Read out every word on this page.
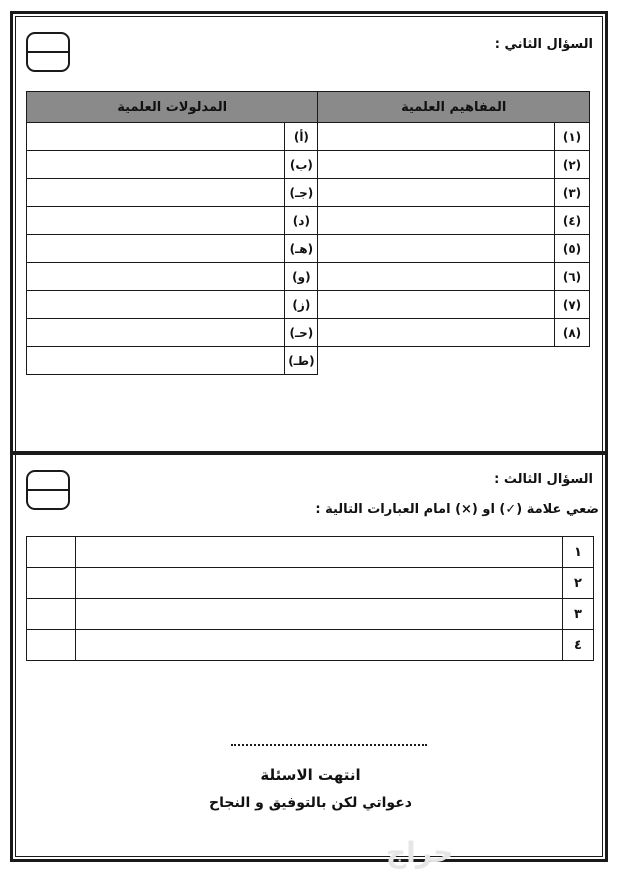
السؤال الثاني :
المدلولات العلمية		المفاهيم العلمية	
	(أ)		(١)
	(ب)		(٢)
	(جـ)		(٣)
	(د)		(٤)
	(هـ)		(٥)
	(و)		(٦)
	(ز)		(٧)
	(حـ)		(٨)
	(طـ)		
السؤال الثالث :
ضعي علامة (✓) او (×) امام العبارات التالية :
		١
		٢
		٣
		٤
انتهت الاسئلة
دعواتي لكن بالتوفيق و النجاح
حراج
